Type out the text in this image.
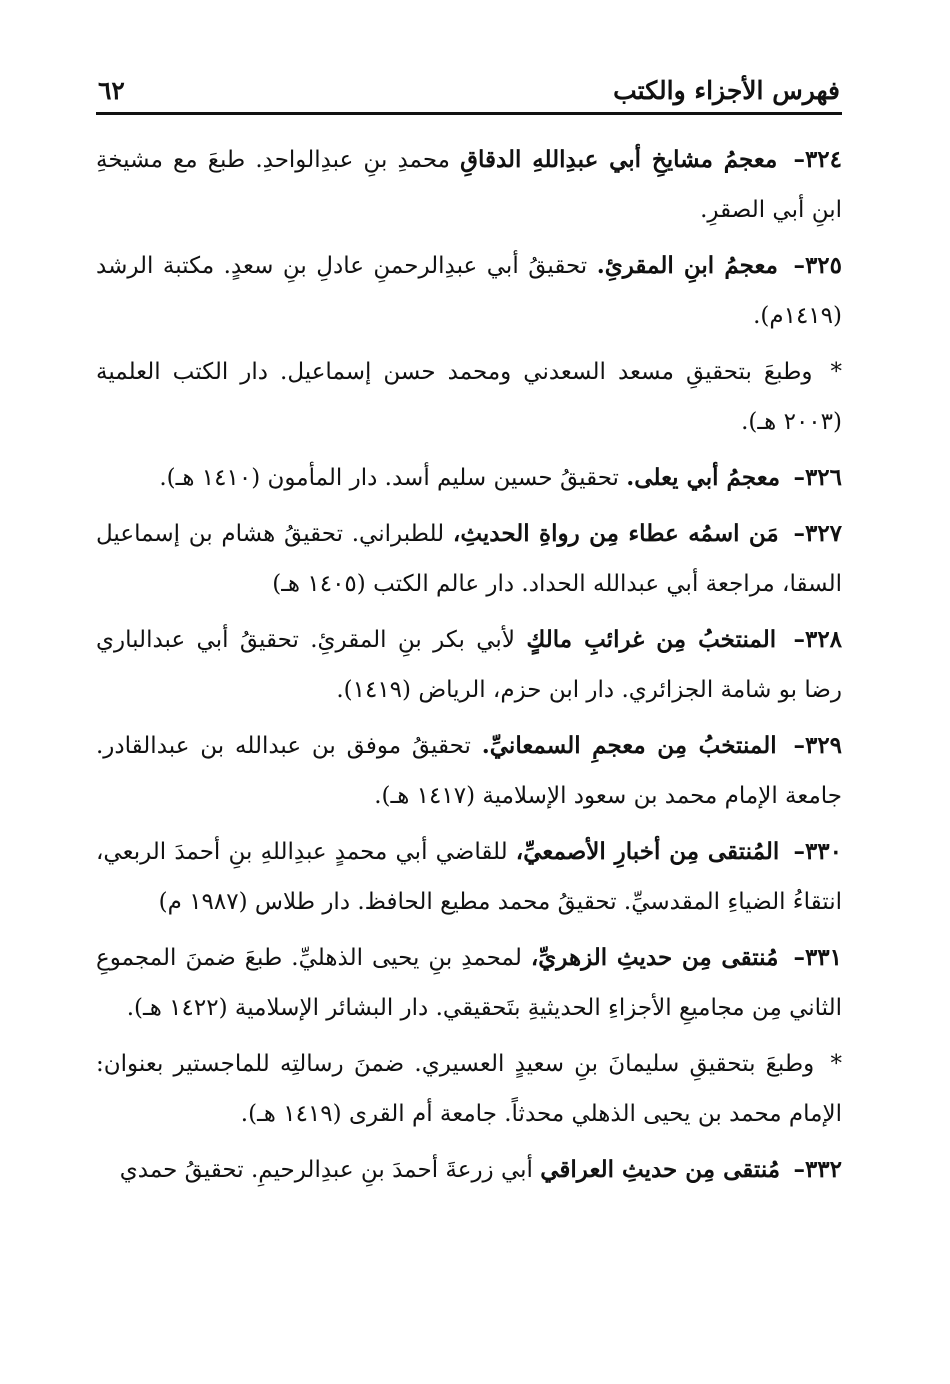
فهرس الأجزاء والكتب
٦٢

٣٢٤– معجمُ مشايخِ أبي عبدِاللهِ الدقاقِ محمدِ بنِ عبدِالواحدِ. طبعَ مع مشيخةِ ابنِ أبي الصقرِ.

٣٢٥– معجمُ ابنِ المقرئِ. تحقيقُ أبي عبدِالرحمنِ عادلِ بنِ سعدٍ. مكتبة الرشد (١٤١٩م).

* وطبعَ بتحقيقِ مسعد السعدني ومحمد حسن إسماعيل. دار الكتب العلمية (٢٠٠٣ هـ).

٣٢٦– معجمُ أبي يعلى. تحقيقُ حسين سليم أسد. دار المأمون (١٤١٠ هـ).

٣٢٧– مَن اسمُه عطاء مِن رواةِ الحديثِ، للطبراني. تحقيقُ هشام بن إسماعيل السقا، مراجعة أبي عبدالله الحداد. دار عالم الكتب (١٤٠٥ هـ)

٣٢٨– المنتخبُ مِن غرائبِ مالكٍ لأبي بكر بنِ المقرئِ. تحقيقُ أبي عبدالباري رضا بو شامة الجزائري. دار ابن حزم، الرياض (١٤١٩).

٣٢٩– المنتخبُ مِن معجمِ السمعانيِّ. تحقيقُ موفق بن عبدالله بن عبدالقادر. جامعة الإمام محمد بن سعود الإسلامية (١٤١٧ هـ).

٣٣٠– المُنتقى مِن أخبارِ الأصمعيِّ، للقاضي أبي محمدٍ عبدِاللهِ بنِ أحمدَ الربعي، انتقاءُ الضياءِ المقدسيِّ. تحقيقُ محمد مطيع الحافظ. دار طلاس (١٩٨٧ م)

٣٣١– مُنتقى مِن حديثِ الزهريِّ، لمحمدِ بنِ يحيى الذهليِّ. طبعَ ضمنَ المجموعِ الثاني مِن مجاميعِ الأجزاءِ الحديثيةِ بتَحقيقي. دار البشائر الإسلامية (١٤٢٢ هـ).

* وطبعَ بتحقيقِ سليمانَ بنِ سعيدٍ العسيري. ضمنَ رسالتِه للماجستير بعنوان: الإمام محمد بن يحيى الذهلي محدثاً. جامعة أم القرى (١٤١٩ هـ).

٣٣٢– مُنتقى مِن حديثِ العراقي أبي زرعةَ أحمدَ بنِ عبدِالرحيمِ. تحقيقُ حمدي
